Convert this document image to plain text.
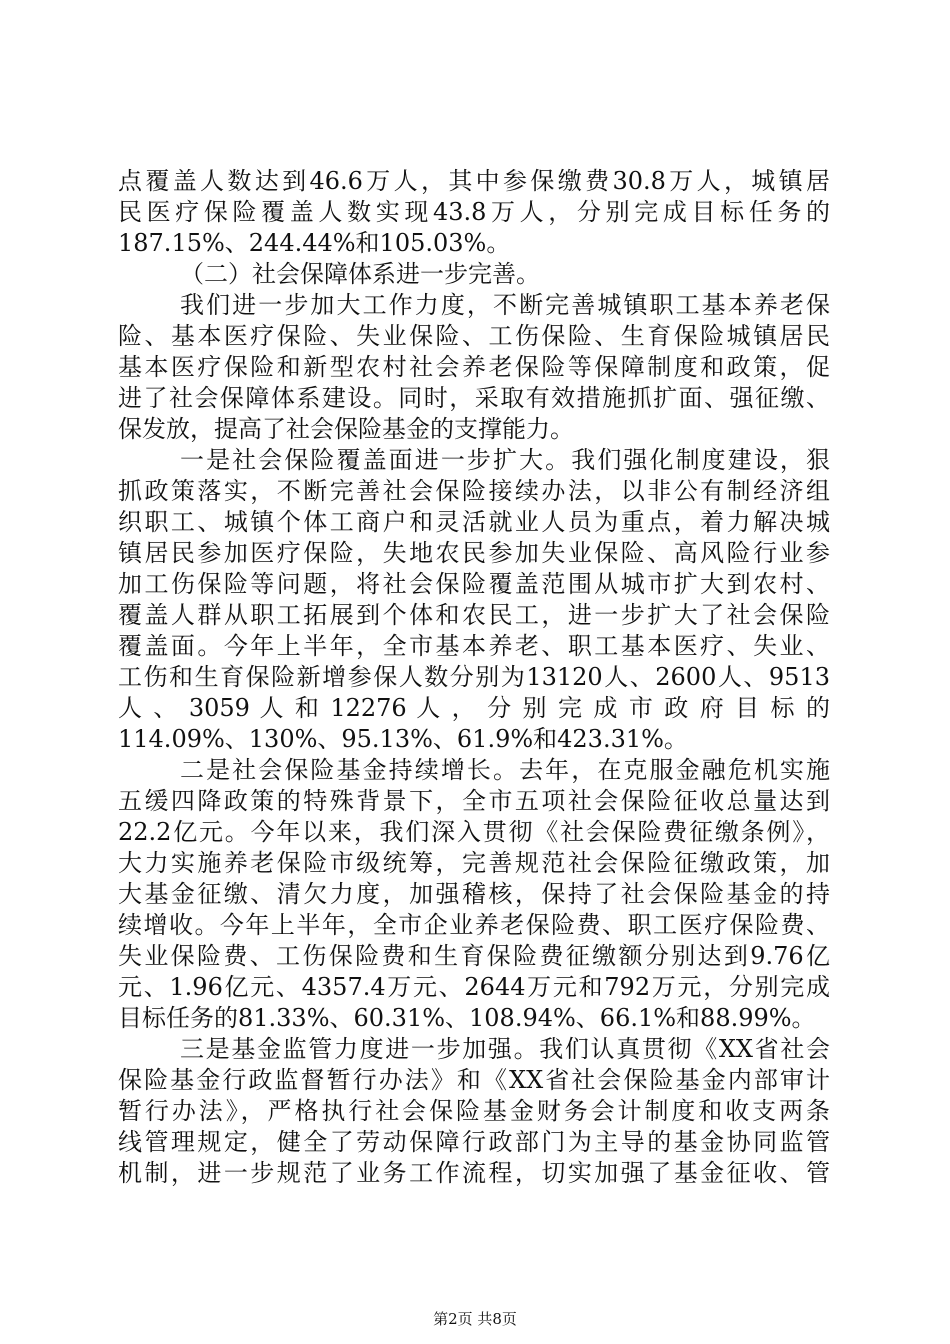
点覆盖人数达到46.6万人，其中参保缴费30.8万人，城镇居
民医疗保险覆盖人数实现43.8万人，分别完成目标任务的
187.15%、244.44%和105.03%。
（二）社会保障体系进一步完善。
我们进一步加大工作力度，不断完善城镇职工基本养老保
险、基本医疗保险、失业保险、工伤保险、生育保险城镇居民
基本医疗保险和新型农村社会养老保险等保障制度和政策，促
进了社会保障体系建设。同时，采取有效措施抓扩面、强征缴、
保发放，提高了社会保险基金的支撑能力。
一是社会保险覆盖面进一步扩大。我们强化制度建设，狠
抓政策落实，不断完善社会保险接续办法，以非公有制经济组
织职工、城镇个体工商户和灵活就业人员为重点，着力解决城
镇居民参加医疗保险，失地农民参加失业保险、高风险行业参
加工伤保险等问题，将社会保险覆盖范围从城市扩大到农村、
覆盖人群从职工拓展到个体和农民工，进一步扩大了社会保险
覆盖面。今年上半年，全市基本养老、职工基本医疗、失业、
工伤和生育保险新增参保人数分别为13120人、2600人、9513
人 、 3059 人 和 12276 人 ， 分 别 完 成 市 政 府 目 标 的
114.09%、130%、95.13%、61.9%和423.31%。
二是社会保险基金持续增长。去年，在克服金融危机实施
五缓四降政策的特殊背景下，全市五项社会保险征收总量达到
22.2亿元。今年以来，我们深入贯彻《社会保险费征缴条例》，
大力实施养老保险市级统筹，完善规范社会保险征缴政策，加
大基金征缴、清欠力度，加强稽核，保持了社会保险基金的持
续增收。今年上半年，全市企业养老保险费、职工医疗保险费、
失业保险费、工伤保险费和生育保险费征缴额分别达到9.76亿
元、1.96亿元、4357.4万元、2644万元和792万元，分别完成
目标任务的81.33%、60.31%、108.94%、66.1%和88.99%。
三是基金监管力度进一步加强。我们认真贯彻《XX省社会
保险基金行政监督暂行办法》和《XX省社会保险基金内部审计
暂行办法》，严格执行社会保险基金财务会计制度和收支两条
线管理规定，健全了劳动保障行政部门为主导的基金协同监管
机制，进一步规范了业务工作流程，切实加强了基金征收、管
第2页 共8页
